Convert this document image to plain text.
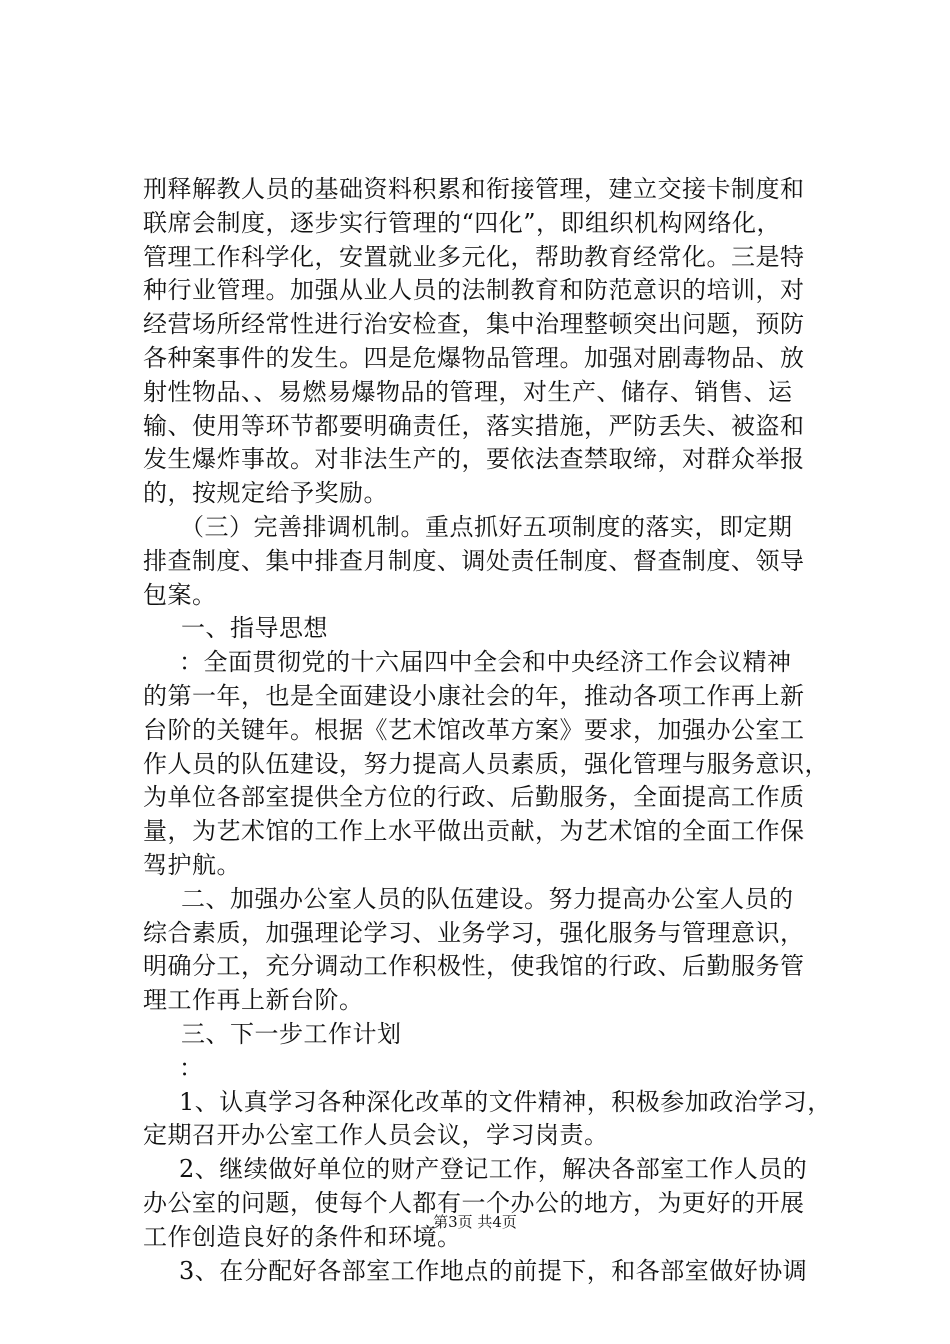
刑释解教人员的基础资料积累和衔接管理，建立交接卡制度和
联席会制度，逐步实行管理的“四化”，即组织机构网络化，
管理工作科学化，安置就业多元化，帮助教育经常化。三是特
种行业管理。加强从业人员的法制教育和防范意识的培训，对
经营场所经常性进行治安检查，集中治理整顿突出问题，预防
各种案事件的发生。四是危爆物品管理。加强对剧毒物品、放
射性物品、、易燃易爆物品的管理，对生产、储存、销售、运
输、使用等环节都要明确责任，落实措施，严防丢失、被盗和
发生爆炸事故。对非法生产的，要依法查禁取缔，对群众举报
的，按规定给予奖励。
（三）完善排调机制。重点抓好五项制度的落实，即定期
排查制度、集中排查月制度、调处责任制度、督查制度、领导
包案。
一、指导思想
：全面贯彻党的十六届四中全会和中央经济工作会议精神
的第一年，也是全面建设小康社会的年，推动各项工作再上新
台阶的关键年。根据《艺术馆改革方案》要求，加强办公室工
作人员的队伍建设，努力提高人员素质，强化管理与服务意识，
为单位各部室提供全方位的行政、后勤服务，全面提高工作质
量，为艺术馆的工作上水平做出贡献，为艺术馆的全面工作保
驾护航。
二、加强办公室人员的队伍建设。努力提高办公室人员的
综合素质，加强理论学习、业务学习，强化服务与管理意识，
明确分工，充分调动工作积极性，使我馆的行政、后勤服务管
理工作再上新台阶。
三、下一步工作计划
：
1、认真学习各种深化改革的文件精神，积极参加政治学习，
定期召开办公室工作人员会议，学习岗责。
2、继续做好单位的财产登记工作，解决各部室工作人员的
办公室的问题，使每个人都有一个办公的地方，为更好的开展
工作创造良好的条件和环境。
3、在分配好各部室工作地点的前提下，和各部室做好协调
第3页 共4页
